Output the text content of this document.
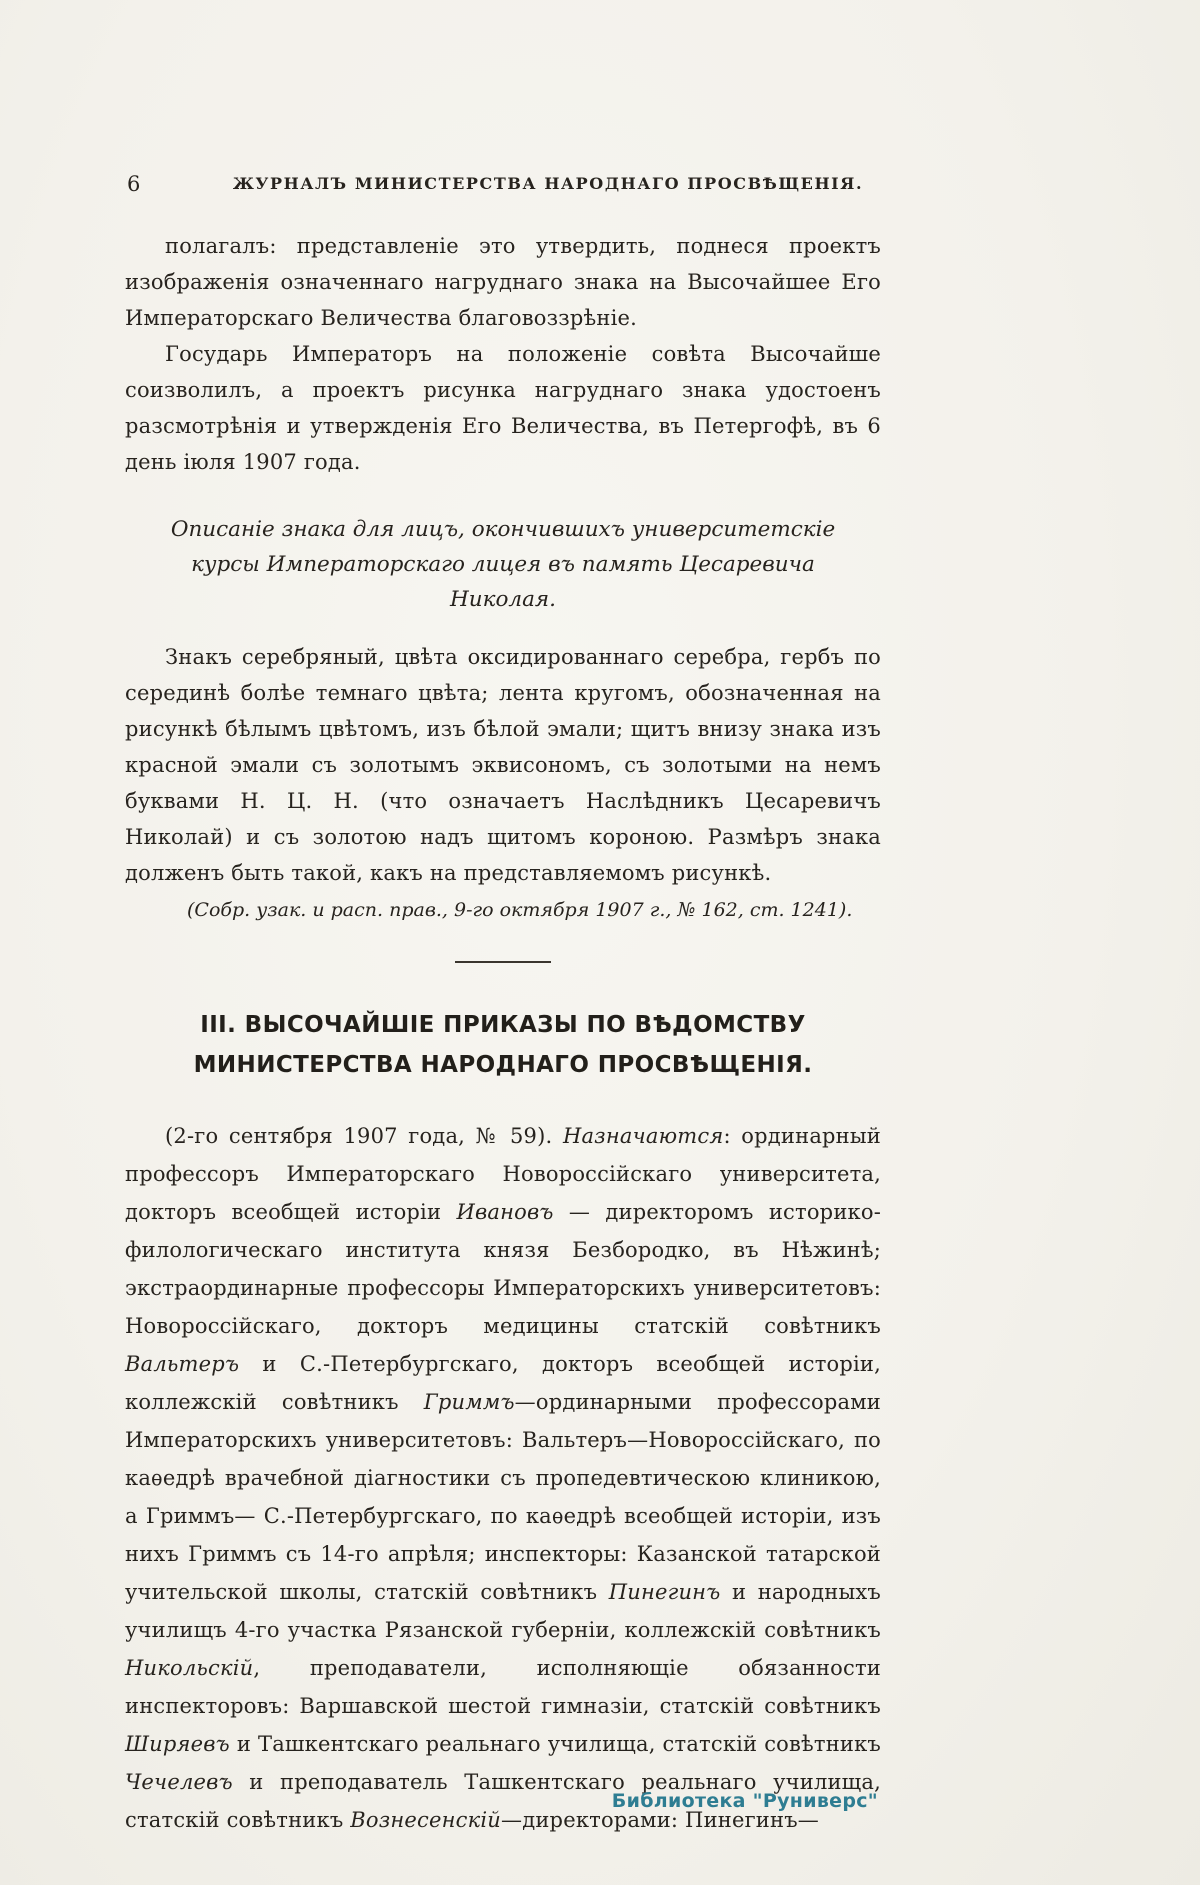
6	ЖУРНАЛЪ МИНИСТЕРСТВА НАРОДНАГО ПРОСВѢЩЕНІЯ.

полагалъ: представленіе это утвердить, поднеся проектъ изображенія означеннаго нагруднаго знака на Высочайшее Его Императорскаго Величества благовоззрѣніе.

Государь Императоръ на положеніе совѣта Высочайше соизволилъ, а проектъ рисунка нагруднаго знака удостоенъ разсмотрѣнія и утвержденія Его Величества, въ Петергофѣ, въ 6 день іюля 1907 года.

Описаніе знака для лицъ, окончившихъ университетскіе курсы Императорскаго лицея въ память Цесаревича Николая.

Знакъ серебряный, цвѣта оксидированнаго серебра, гербъ по серединѣ болѣе темнаго цвѣта; лента кругомъ, обозначенная на рисункѣ бѣлымъ цвѣтомъ, изъ бѣлой эмали; щитъ внизу знака изъ красной эмали съ золотымъ эквисономъ, съ золотыми на немъ буквами Н. Ц. Н. (что означаетъ Наслѣдникъ Цесаревичъ Николай) и съ золотою надъ щитомъ короною. Размѣръ знака долженъ быть такой, какъ на представляемомъ рисункѣ.

(Собр. узак. и расп. прав., 9-го октября 1907 г., № 162, ст. 1241).

III. ВЫСОЧАЙШІЕ ПРИКАЗЫ ПО ВѢДОМСТВУ МИНИСТЕРСТВА НАРОДНАГО ПРОСВѢЩЕНІЯ.

(2-го сентября 1907 года, № 59). Назначаются: ординарный профессоръ Императорскаго Новороссійскаго университета, докторъ всеобщей исторіи Ивановъ — директоромъ историко-филологическаго института князя Безбородко, въ Нѣжинѣ; экстраординарные профессоры Императорскихъ университетовъ: Новороссійскаго, докторъ медицины статскій совѣтникъ Вальтеръ и С.-Петербургскаго, докторъ всеобщей исторіи, коллежскій совѣтникъ Гриммъ—ординарными профессорами Императорскихъ университетовъ: Вальтеръ—Новороссійскаго, по каѳедрѣ врачебной діагностики съ пропедевтическою клиникою, а Гриммъ— С.-Петербургскаго, по каѳедрѣ всеобщей исторіи, изъ нихъ Гриммъ съ 14-го апрѣля; инспекторы: Казанской татарской учительской школы, статскій совѣтникъ Пинегинъ и народныхъ училищъ 4-го участка Рязанской губерніи, коллежскій совѣтникъ Никольскій, преподаватели, исполняющіе обязанности инспекторовъ: Варшавской шестой гимназіи, статскій совѣтникъ Ширяевъ и Ташкентскаго реальнаго училища, статскій совѣтникъ Чечелевъ и преподаватель Ташкентскаго реальнаго училища, статскій совѣтникъ Вознесенскій—директорами: Пинегинъ—

Библиотека "Руниверс"
